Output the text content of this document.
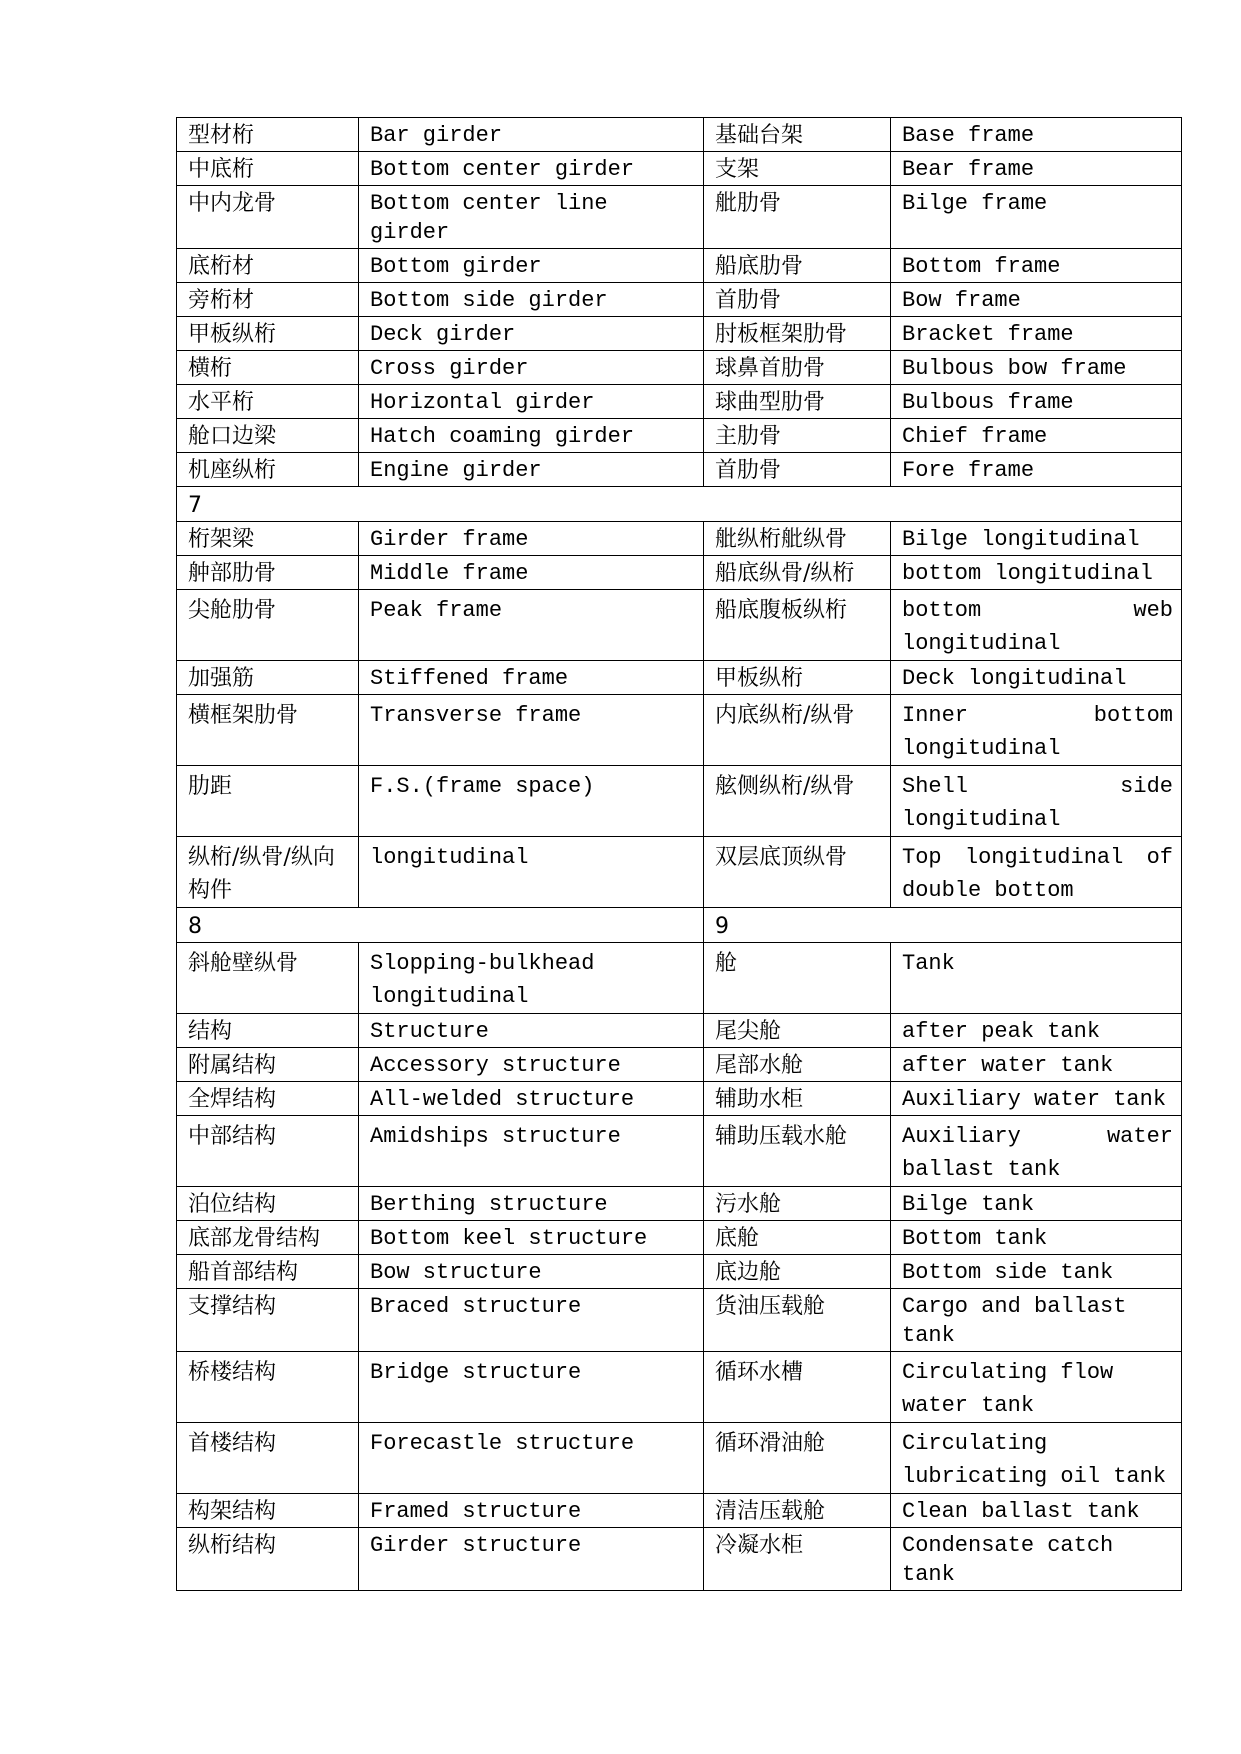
型材桁	Bar girder	基础台架	Base frame
中底桁	Bottom center girder	支架	Bear frame
中内龙骨	Bottom center line girder	舭肋骨	Bilge frame
底桁材	Bottom girder	船底肋骨	Bottom frame
旁桁材	Bottom side girder	首肋骨	Bow frame
甲板纵桁	Deck girder	肘板框架肋骨	Bracket frame
横桁	Cross girder	球鼻首肋骨	Bulbous bow frame
水平桁	Horizontal girder	球曲型肋骨	Bulbous frame
舱口边梁	Hatch coaming girder	主肋骨	Chief frame
机座纵桁	Engine girder	首肋骨	Fore frame
7			
桁架梁	Girder frame	舭纵桁舭纵骨	Bilge longitudinal
舯部肋骨	Middle frame	船底纵骨/纵桁	bottom longitudinal
尖舱肋骨	Peak frame	船底腹板纵桁	bottom web longitudinal
加强筋	Stiffened frame	甲板纵桁	Deck longitudinal
横框架肋骨	Transverse frame	内底纵桁/纵骨	Inner bottom longitudinal
肋距	F.S.(frame space)	舷侧纵桁/纵骨	Shell side longitudinal
纵桁/纵骨/纵向构件	longitudinal	双层底顶纵骨	Top longitudinal of double bottom
8		9	
斜舱壁纵骨	Slopping-bulkhead longitudinal	舱	Tank
结构	Structure	尾尖舱	after peak tank
附属结构	Accessory structure	尾部水舱	after water tank
全焊结构	All-welded structure	辅助水柜	Auxiliary water tank
中部结构	Amidships structure	辅助压载水舱	Auxiliary water ballast tank
泊位结构	Berthing structure	污水舱	Bilge tank
底部龙骨结构	Bottom keel structure	底舱	Bottom tank
船首部结构	Bow structure	底边舱	Bottom side tank
支撑结构	Braced structure	货油压载舱	Cargo and ballast tank
桥楼结构	Bridge structure	循环水槽	Circulating flow water tank
首楼结构	Forecastle structure	循环滑油舱	Circulating lubricating oil tank
构架结构	Framed structure	清洁压载舱	Clean ballast tank
纵桁结构	Girder structure	冷凝水柜	Condensate catch tank
